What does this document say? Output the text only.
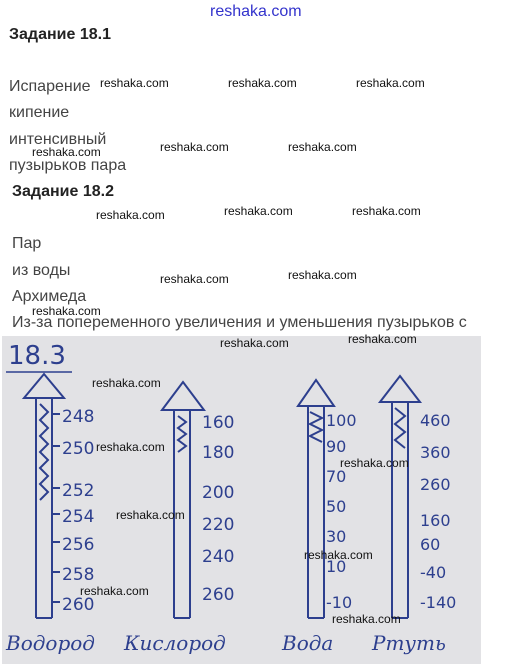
reshaka.com
Задание 18.1
Испарение
кипение
интенсивный
пузырьков пара
Задание 18.2
Пар
из воды
Архимеда
Из-за попеременного увеличения и уменьшения пузырьков с
18.3
248
250
252
254
256
258
260
160
180
200
220
240
260
100
90
70
50
30
10
-10
460
360
260
160
60
-40
-140
Водород Кислород	Вода Ртуть
reshaka.com	reshaka.com	reshaka.com
reshaka.com	reshaka.com	reshaka.com
reshaka.com	reshaka.com	reshaka.com
reshaka.com	reshaka.com
reshaka.com
reshaka.com	reshaka.com
reshaka.com
reshaka.com
reshaka.com
reshaka.com
reshaka.com
reshaka.com
reshaka.com
